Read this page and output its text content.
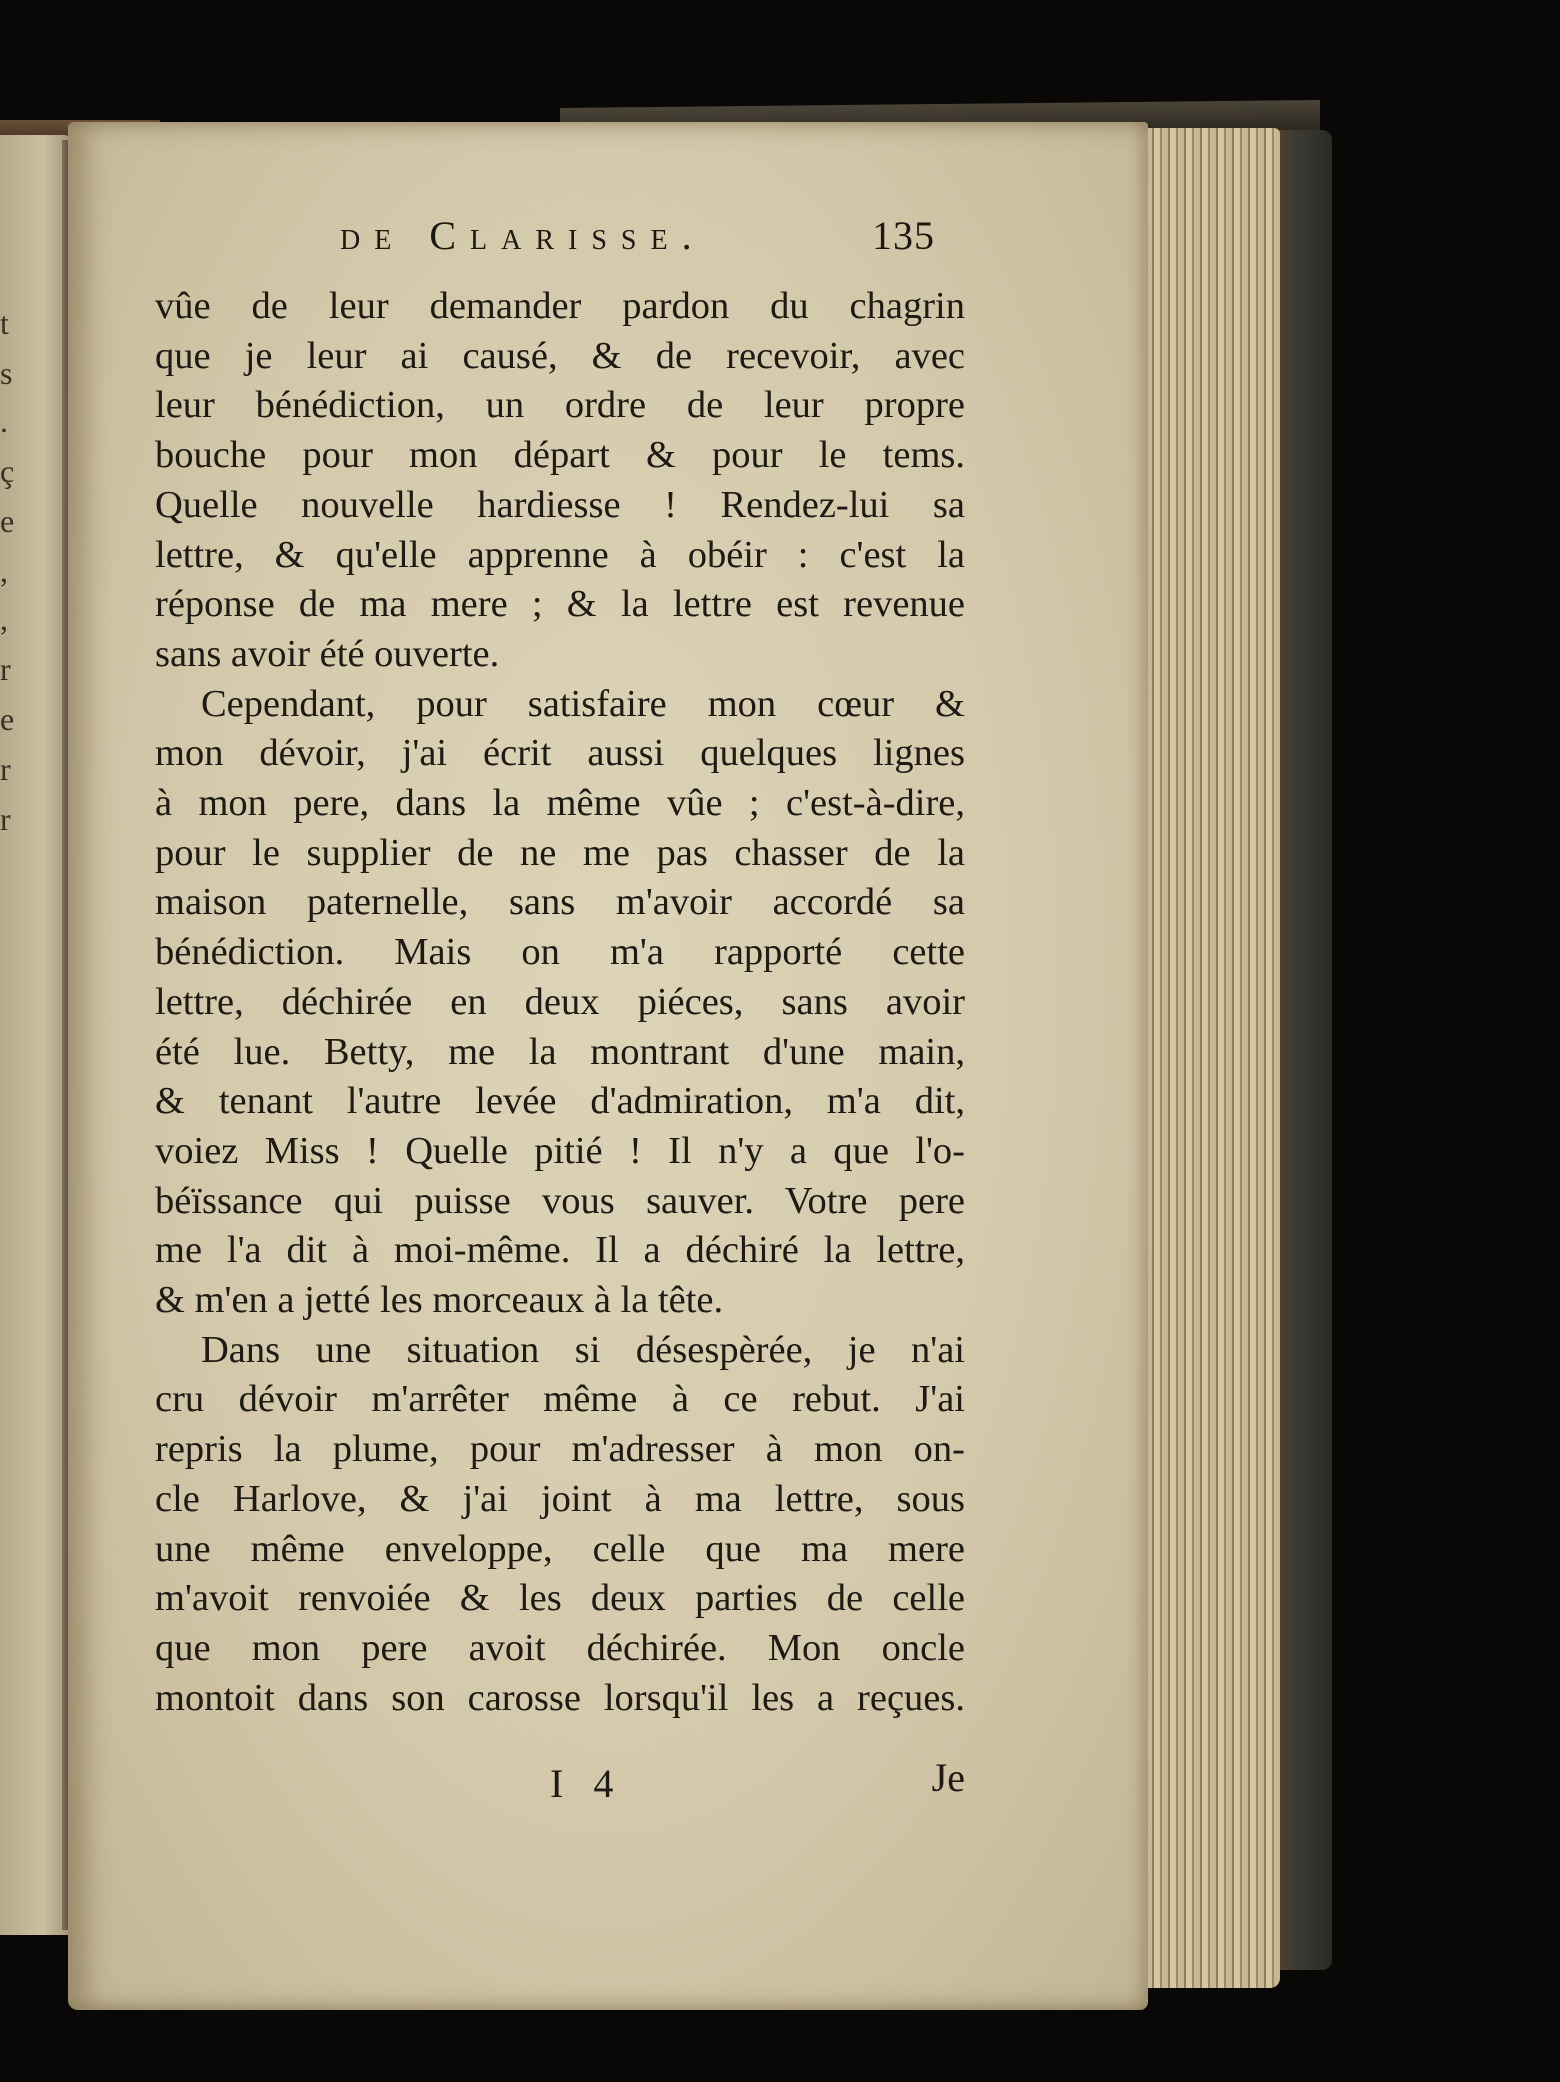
t
s
.
ç
e
,
,
r
e
r
r
de Clarisse.	135
vûe de leur demander pardon du chagrin
que je leur ai causé, & de recevoir, avec
leur bénédiction, un ordre de leur propre
bouche pour mon départ & pour le tems.
Quelle nouvelle hardiesse ! Rendez-lui sa
lettre, & qu'elle apprenne à obéir : c'est la
réponse de ma mere ; & la lettre est revenue
sans avoir été ouverte.
Cependant, pour satisfaire mon cœur &
mon dévoir, j'ai écrit aussi quelques lignes
à mon pere, dans la même vûe ; c'est-à-dire,
pour le supplier de ne me pas chasser de la
maison paternelle, sans m'avoir accordé sa
bénédiction. Mais on m'a rapporté cette
lettre, déchirée en deux piéces, sans avoir
été lue. Betty, me la montrant d'une main,
& tenant l'autre levée d'admiration, m'a dit,
voiez Miss ! Quelle pitié ! Il n'y a que l'o-
béïssance qui puisse vous sauver. Votre pere
me l'a dit à moi-même. Il a déchiré la lettre,
& m'en a jetté les morceaux à la tête.
Dans une situation si désespèrée, je n'ai
cru dévoir m'arrêter même à ce rebut. J'ai
repris la plume, pour m'adresser à mon on-
cle Harlove, & j'ai joint à ma lettre, sous
une même enveloppe, celle que ma mere
m'avoit renvoiée & les deux parties de celle
que mon pere avoit déchirée. Mon oncle
montoit dans son carosse lorsqu'il les a reçues.
I 4	Je
